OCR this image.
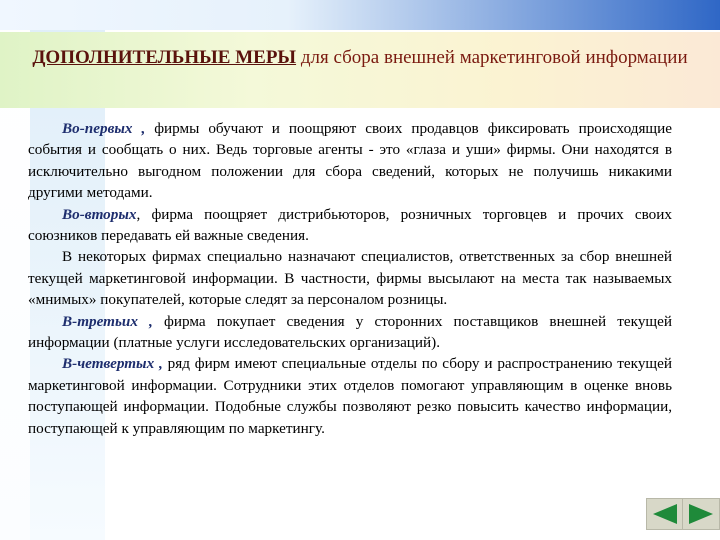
ДОПОЛНИТЕЛЬНЫЕ МЕРЫ для сбора внешней маркетинговой информации

Во-первых , фирмы обучают и поощряют своих продавцов фиксировать происходящие события и сообщать о них. Ведь торговые агенты - это «глаза и уши» фирмы. Они находятся в исключительно выгодном положении для сбора сведений, которых не получишь никакими другими методами.

Во-вторых, фирма поощряет дистрибьюторов, розничных торговцев и прочих своих союзников передавать ей важные сведения.

В некоторых фирмах специально назначают специалистов, ответственных за сбор внешней текущей маркетинговой информации. В частности, фирмы высылают на места так называемых «мнимых» покупателей, которые следят за персоналом розницы.

В-третьих , фирма покупает сведения у сторонних поставщиков внешней текущей информации (платные услуги исследовательских организаций).

В-четвертых , ряд фирм имеют специальные отделы по сбору и распространению текущей маркетинговой информации. Сотрудники этих отделов помогают управляющим в оценке вновь поступающей информации. Подобные службы позволяют резко повысить качество информации, поступающей к управляющим по маркетингу.
